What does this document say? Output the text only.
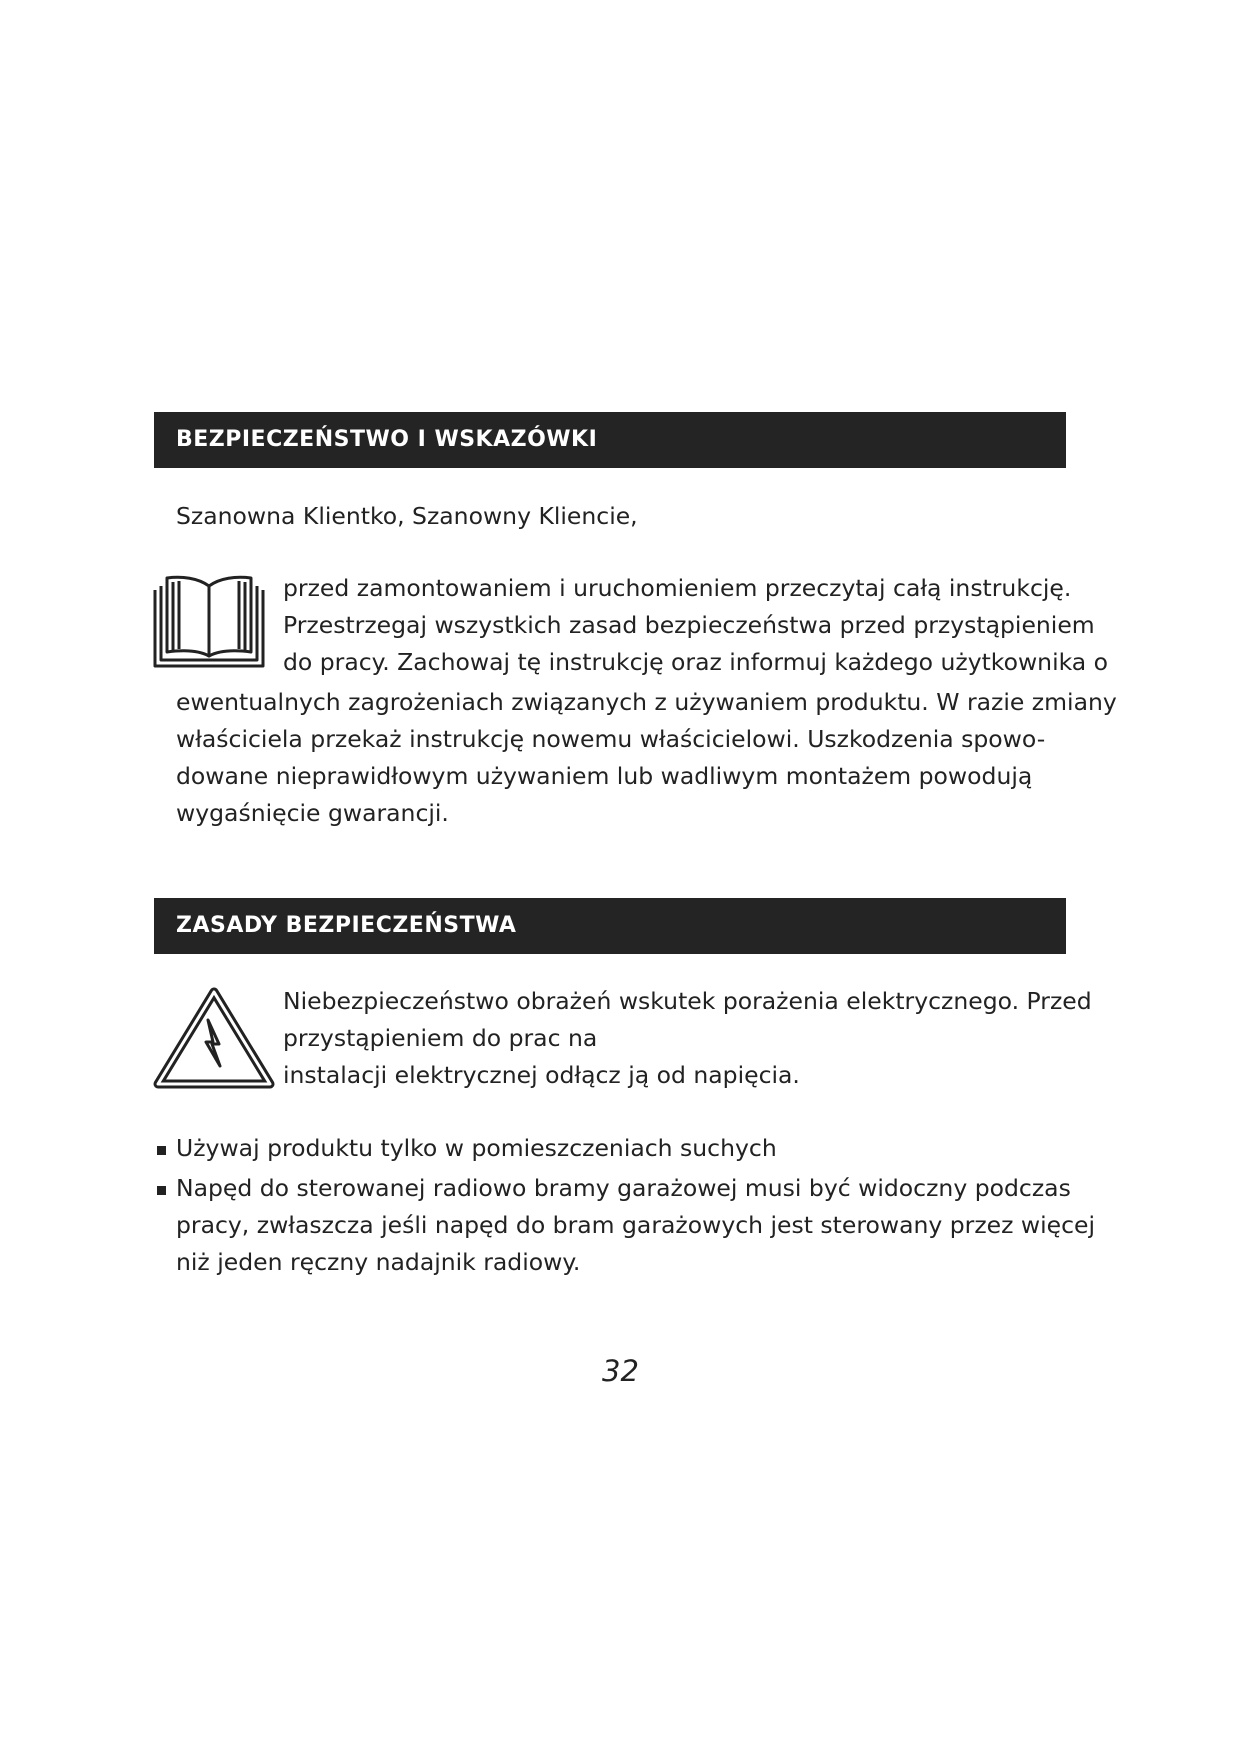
BEZPIECZEŃSTWO I WSKAZÓWKI
Szanowna Klientko, Szanowny Kliencie,
przed zamontowaniem i uruchomieniem przeczytaj całą instrukcję.
Przestrzegaj wszystkich zasad bezpieczeństwa przed przystąpieniem
do pracy. Zachowaj tę instrukcję oraz informuj każdego użytkownika o
ewentualnych zagrożeniach związanych z używaniem produktu. W razie zmiany
właściciela przekaż instrukcję nowemu właścicielowi. Uszkodzenia spowo-
dowane nieprawidłowym używaniem lub wadliwym montażem powodują
wygaśnięcie gwarancji.
ZASADY BEZPIECZEŃSTWA
Niebezpieczeństwo obrażeń wskutek porażenia elektrycznego. Przed
przystąpieniem do prac na
instalacji elektrycznej odłącz ją od napięcia.
Używaj produktu tylko w pomieszczeniach suchych
Napęd do sterowanej radiowo bramy garażowej musi być widoczny podczas
pracy, zwłaszcza jeśli napęd do bram garażowych jest sterowany przez więcej
niż jeden ręczny nadajnik radiowy.
32
